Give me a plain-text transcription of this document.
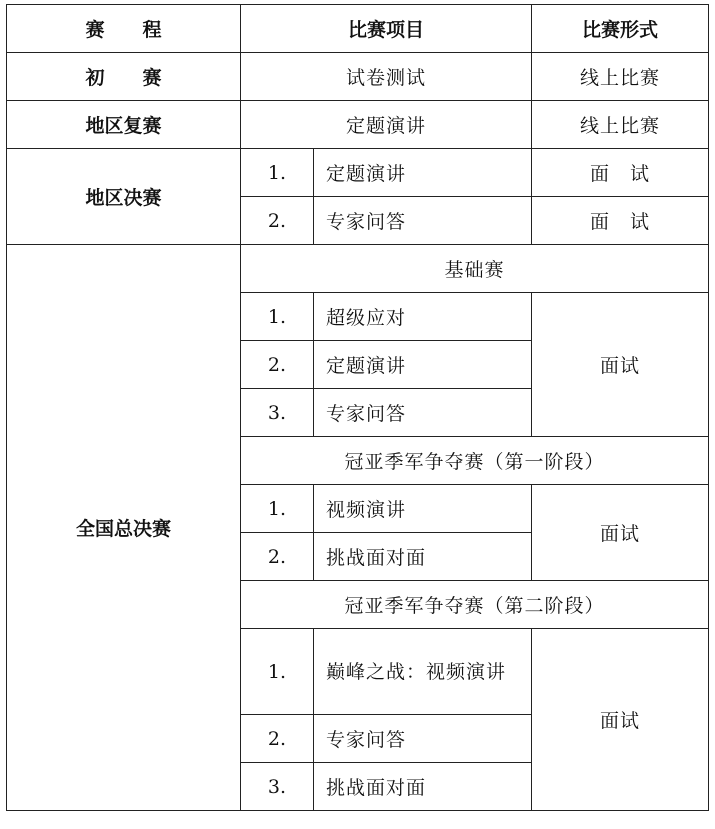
赛　　程	比赛项目		比赛形式
初　　赛	试卷测试		线上比赛
地区复赛	定题演讲		线上比赛
地区决赛	1.	定题演讲	面　试
	2.	专家问答	面　试
全国总决赛	基础赛		
	1.	超级应对	面试
	2.	定题演讲	
	3.	专家问答	
	冠亚季军争夺赛（第一阶段）		
	1.	视频演讲	面试
	2.	挑战面对面	
	冠亚季军争夺赛（第二阶段）		
	1.	巅峰之战：视频演讲	面试
	2.	专家问答	
	3.	挑战面对面	
